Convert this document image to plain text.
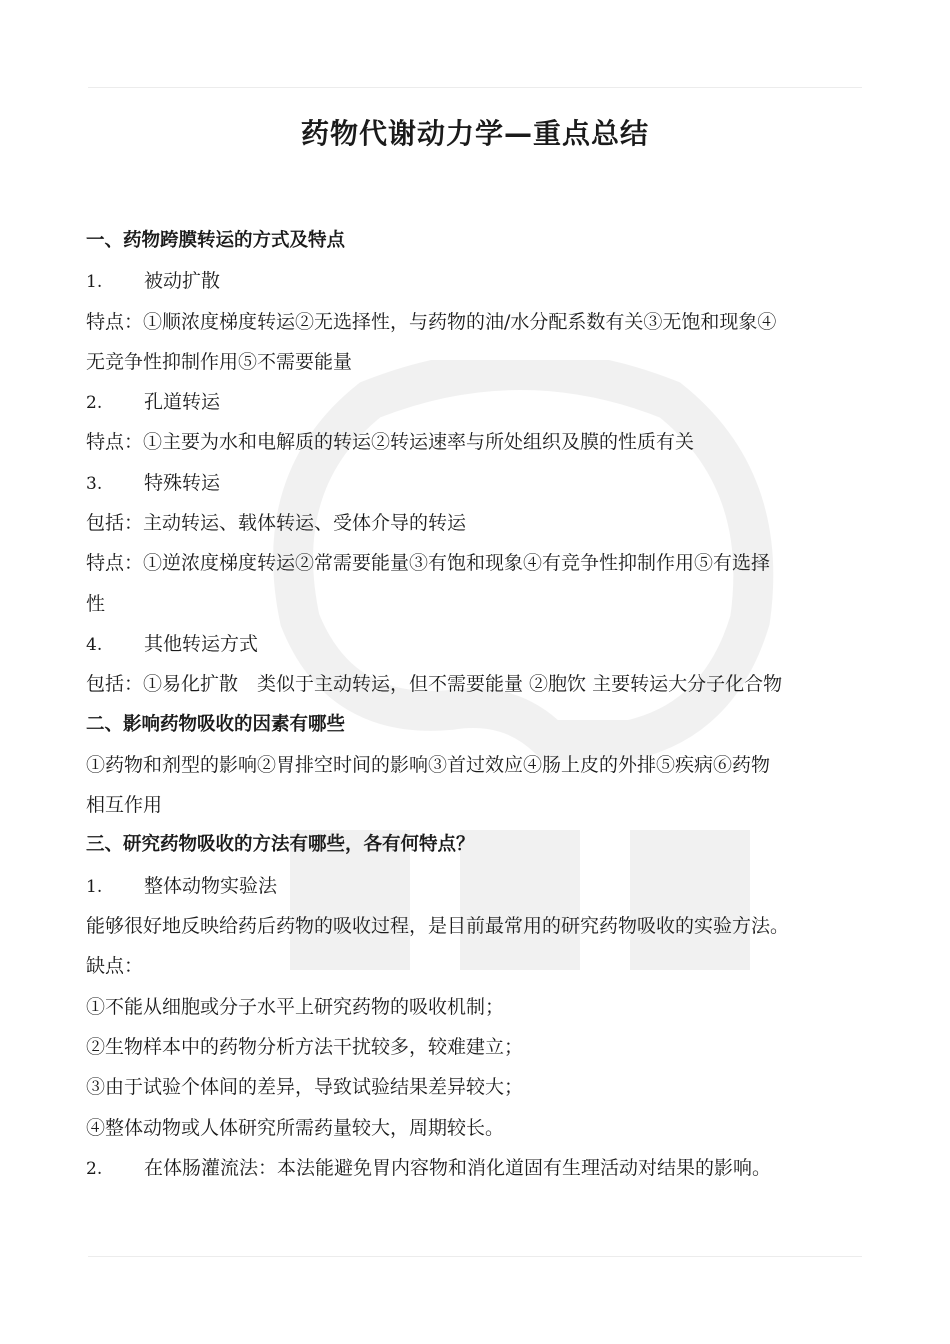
药物代谢动力学—重点总结
一、药物跨膜转运的方式及特点
1. 被动扩散
特点：①顺浓度梯度转运②无选择性，与药物的油/水分配系数有关③无饱和现象④
无竞争性抑制作用⑤不需要能量
2. 孔道转运
特点：①主要为水和电解质的转运②转运速率与所处组织及膜的性质有关
3. 特殊转运
包括：主动转运、载体转运、受体介导的转运
特点：①逆浓度梯度转运②常需要能量③有饱和现象④有竞争性抑制作用⑤有选择
性
4. 其他转运方式
包括：①易化扩散　类似于主动转运，但不需要能量 ②胞饮 主要转运大分子化合物
二、影响药物吸收的因素有哪些
①药物和剂型的影响②胃排空时间的影响③首过效应④肠上皮的外排⑤疾病⑥药物
相互作用
三、研究药物吸收的方法有哪些，各有何特点？
1. 整体动物实验法
能够很好地反映给药后药物的吸收过程，是目前最常用的研究药物吸收的实验方法。
缺点：
①不能从细胞或分子水平上研究药物的吸收机制；
②生物样本中的药物分析方法干扰较多，较难建立；
③由于试验个体间的差异，导致试验结果差异较大；
④整体动物或人体研究所需药量较大，周期较长。
2. 在体肠灌流法：本法能避免胃内容物和消化道固有生理活动对结果的影响。
